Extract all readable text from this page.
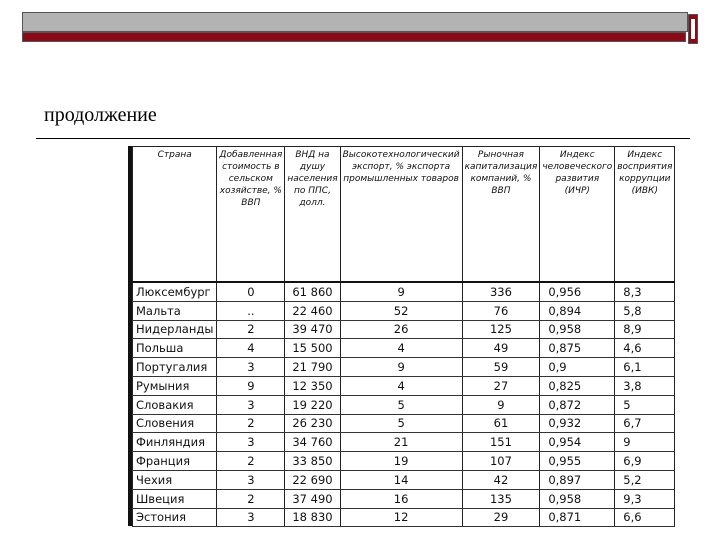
продолжение
Страна	Добавленная стоимость в сельском хозяйстве, % ВВП	ВНД на душу населения по ППС, долл.	Высокотехнологический экспорт, % экспорта промышленных товаров	Рыночная капитализация компаний, % ВВП	Индекс человеческого развития (ИЧР)	Индекс восприятия коррупции (ИВК)
Люксембург	0	61 860	9	336	0,956	8,3
Мальта	..	22 460	52	76	0,894	5,8
Нидерланды	2	39 470	26	125	0,958	8,9
Польша	4	15 500	4	49	0,875	4,6
Португалия	3	21 790	9	59	0,9	6,1
Румыния	9	12 350	4	27	0,825	3,8
Словакия	3	19 220	5	9	0,872	5
Словения	2	26 230	5	61	0,932	6,7
Финляндия	3	34 760	21	151	0,954	9
Франция	2	33 850	19	107	0,955	6,9
Чехия	3	22 690	14	42	0,897	5,2
Швеция	2	37 490	16	135	0,958	9,3
Эстония	3	18 830	12	29	0,871	6,6
